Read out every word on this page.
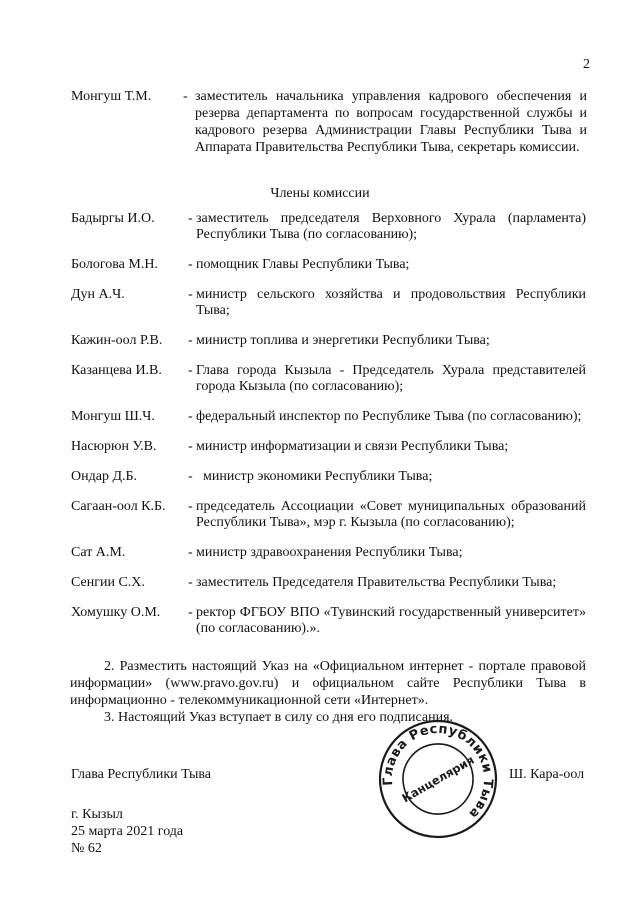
2
Монгуш Т.М.	- заместитель начальника управления кадрового обеспечения и резерва департамента по вопросам государственной службы и кадрового резерва Администрации Главы Республики Тыва и Аппарата Правительства Республики Тыва, секретарь комиссии.
Члены комиссии
Бадыргы И.О.	- заместитель председателя Верховного Хурала (парламента) Республики Тыва (по согласованию);
Бологова М.Н.	- помощник Главы Республики Тыва;
Дун А.Ч.	- министр сельского хозяйства и продовольствия Республики Тыва;
Кажин-оол Р.В.	- министр топлива и энергетики Республики Тыва;
Казанцева И.В.	- Глава города Кызыла - Председатель Хурала представителей города Кызыла (по согласованию);
Монгуш Ш.Ч.	- федеральный инспектор по Республике Тыва (по согласованию);
Насюрюн У.В.	- министр информатизации и связи Республики Тыва;
Ондар Д.Б.	- министр экономики Республики Тыва;
Сагаан-оол К.Б.	- председатель Ассоциации «Совет муниципальных образований Республики Тыва», мэр г. Кызыла (по согласованию);
Сат А.М.	- министр здравоохранения Республики Тыва;
Сенгии С.Х.	- заместитель Председателя Правительства Республики Тыва;
Хомушку О.М.	- ректор ФГБОУ ВПО «Тувинский государственный университет» (по согласованию).».

2. Разместить настоящий Указ на «Официальном интернет - портале правовой информации» (www.pravo.gov.ru) и официальном сайте Республики Тыва в информационно - телекоммуникационной сети «Интернет».

3. Настоящий Указ вступает в силу со дня его подписания.

Глава Республики Тыва	Ш. Кара-оол
Глава Республики Тыва
Канцелярия
г. Кызыл
25 марта 2021 года
№ 62
